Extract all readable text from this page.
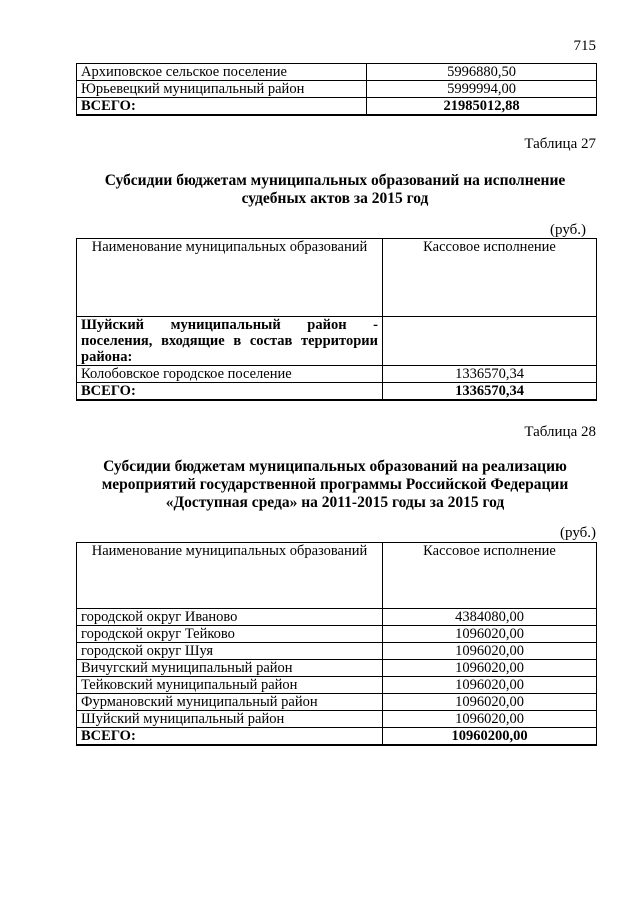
715
Архиповское сельское поселение	5996880,50
Юрьевецкий муниципальный район	5999994,00
ВСЕГО:	21985012,88
Таблица 27
Субсидии бюджетам муниципальных образований на исполнение
судебных актов за 2015 год
(руб.)
Наименование муниципальных образований	Кассовое исполнение
Шуйский муниципальный район - поселения, входящие в состав территории района:	
Колобовское городское поселение	1336570,34
ВСЕГО:	1336570,34
Таблица 28
Субсидии бюджетам муниципальных образований на реализацию
мероприятий государственной программы Российской Федерации
«Доступная среда» на 2011-2015 годы за 2015 год
(руб.)
Наименование муниципальных образований	Кассовое исполнение
городской округ Иваново	4384080,00
городской округ Тейково	1096020,00
городской округ Шуя	1096020,00
Вичугский муниципальный район	1096020,00
Тейковский муниципальный район	1096020,00
Фурмановский муниципальный район	1096020,00
Шуйский муниципальный район	1096020,00
ВСЕГО:	10960200,00
